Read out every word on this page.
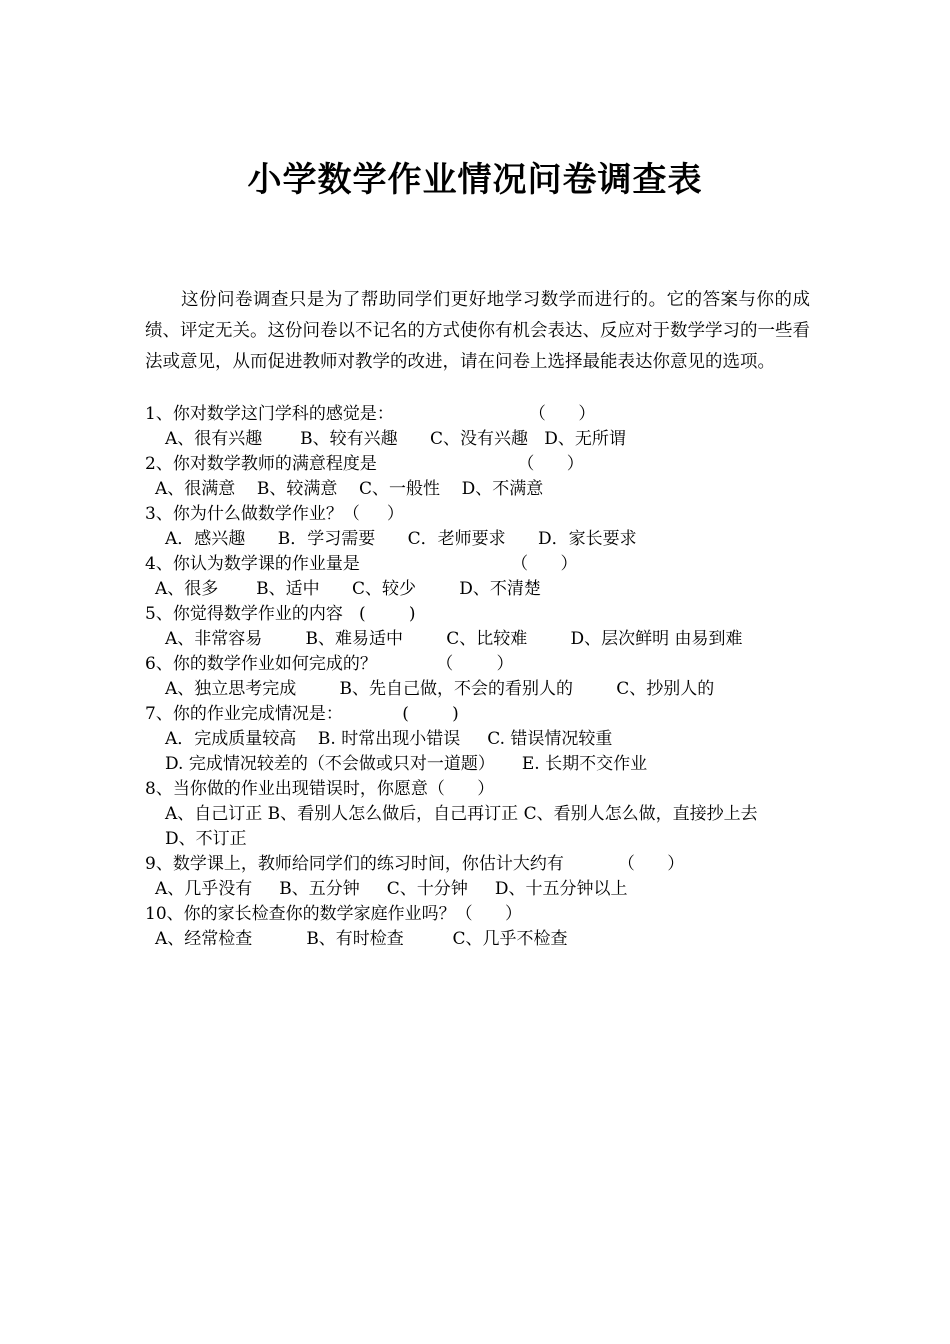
小学数学作业情况问卷调查表
这份问卷调查只是为了帮助同学们更好地学习数学而进行的。它的答案与你的成绩、评定无关。这份问卷以不记名的方式使你有机会表达、反应对于数学学习的一些看法或意见，从而促进教师对教学的改进，请在问卷上选择最能表达你意见的选项。
1、你对数学这门学科的感觉是：                         （      ）
A、很有兴趣       B、较有兴趣      C、没有兴趣   D、无所谓
2、你对数学教师的满意程度是                          （      ）
A、很满意    B、较满意    C、一般性    D、不满意
3、你为什么做数学作业？（     ）
A．感兴趣      B．学习需要      C．老师要求      D．家长要求
4、你认为数学课的作业量是                            （      ）
A、很多       B、适中      C、较少        D、不清楚
5、你觉得数学作业的内容   (        )
A、非常容易        B、难易适中        C、比较难        D、层次鲜明 由易到难
6、你的数学作业如何完成的？           （        ）
A、独立思考完成        B、先自己做，不会的看别人的        C、抄别人的
7、你的作业完成情况是：           (        )
A．完成质量较高    B. 时常出现小错误     C. 错误情况较重
D. 完成情况较差的（不会做或只对一道题）     E. 长期不交作业
8、当你做的作业出现错误时，你愿意（      ）
A、自己订正 B、看别人怎么做后，自己再订正 C、看别人怎么做，直接抄上去
D、不订正
9、数学课上，教师给同学们的练习时间，你估计大约有          （      ）
A、几乎没有     B、五分钟     C、十分钟     D、十五分钟以上
10、你的家长检查你的数学家庭作业吗？（      ）
A、经常检查          B、有时检查         C、几乎不检查
